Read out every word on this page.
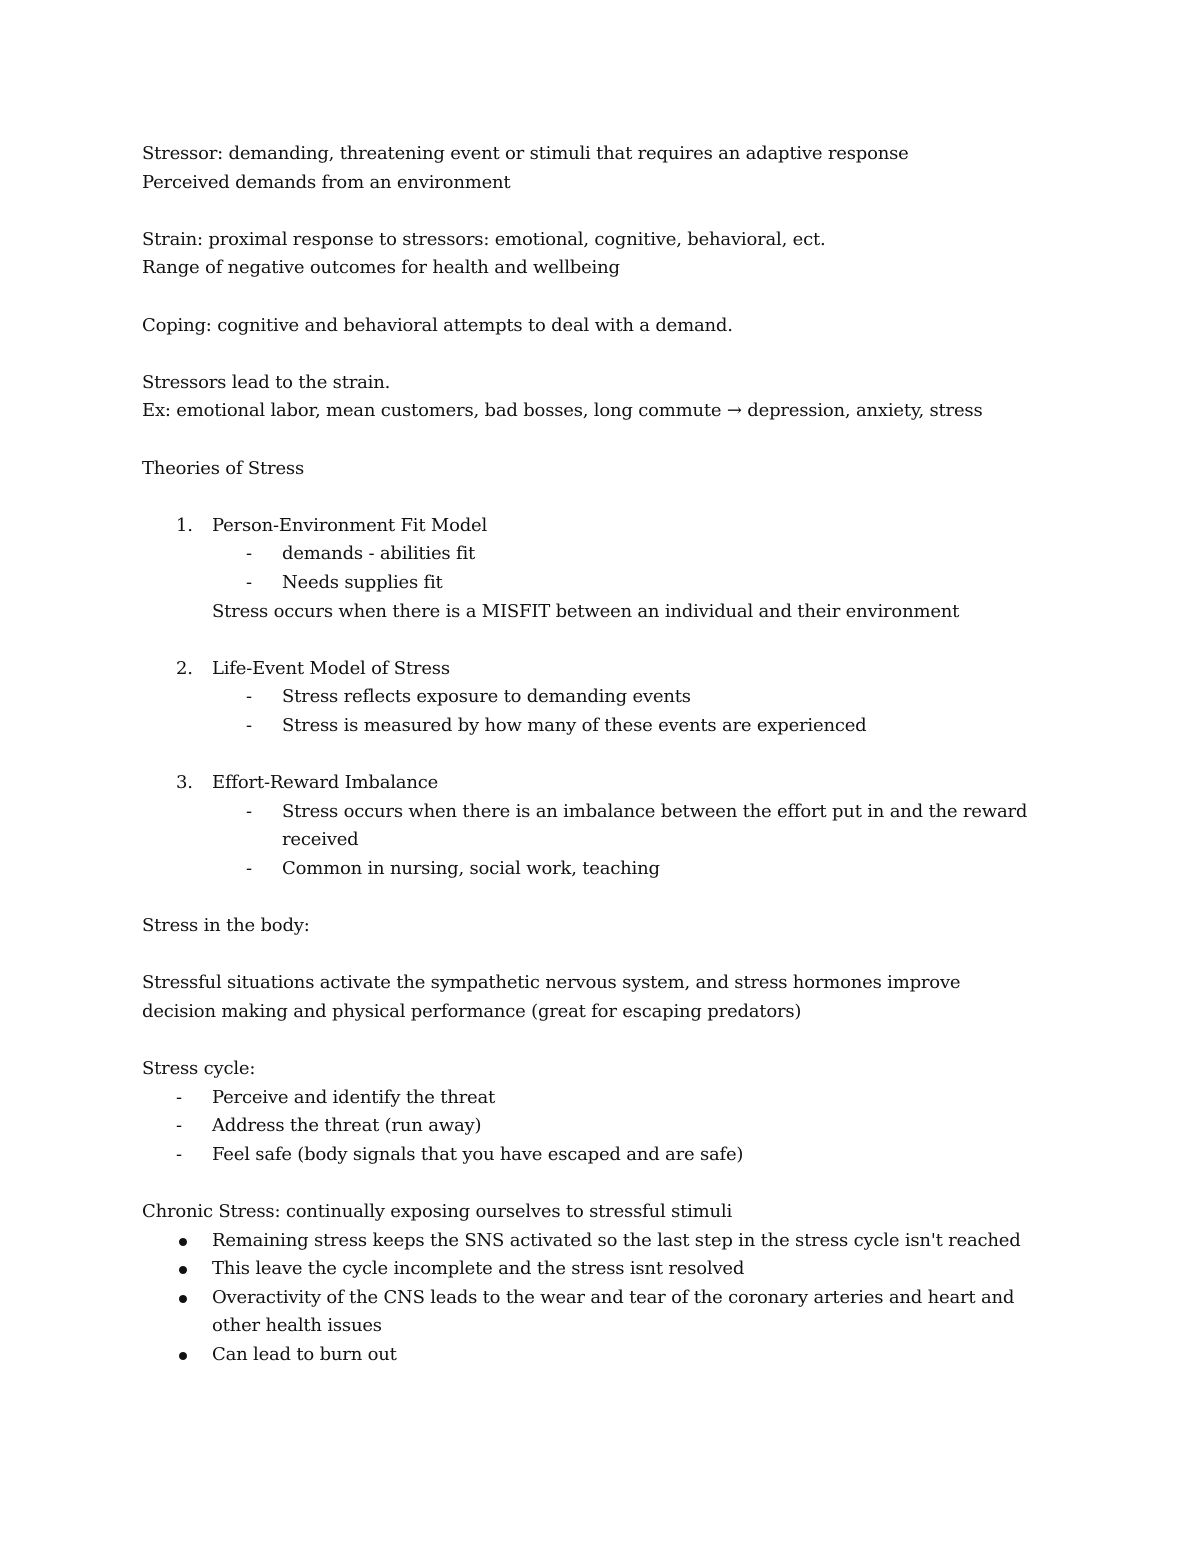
Stressor: demanding, threatening event or stimuli that requires an adaptive response
Perceived demands from an environment
Strain: proximal response to stressors: emotional, cognitive, behavioral, ect.
Range of negative outcomes for health and wellbeing
Coping: cognitive and behavioral attempts to deal with a demand.
Stressors lead to the strain.
Ex: emotional labor, mean customers, bad bosses, long commute → depression, anxiety, stress
Theories of Stress
1. Person-Environment Fit Model
- demands - abilities fit
- Needs supplies fit
Stress occurs when there is a MISFIT between an individual and their environment
2. Life-Event Model of Stress
- Stress reflects exposure to demanding events
- Stress is measured by how many of these events are experienced
3. Effort-Reward Imbalance
- Stress occurs when there is an imbalance between the effort put in and the reward received
- Common in nursing, social work, teaching
Stress in the body:
Stressful situations activate the sympathetic nervous system, and stress hormones improve decision making and physical performance (great for escaping predators)
Stress cycle:
- Perceive and identify the threat
- Address the threat (run away)
- Feel safe (body signals that you have escaped and are safe)
Chronic Stress: continually exposing ourselves to stressful stimuli
Remaining stress keeps the SNS activated so the last step in the stress cycle isn't reached
This leave the cycle incomplete and the stress isnt resolved
Overactivity of the CNS leads to the wear and tear of the coronary arteries and heart and other health issues
Can lead to burn out
